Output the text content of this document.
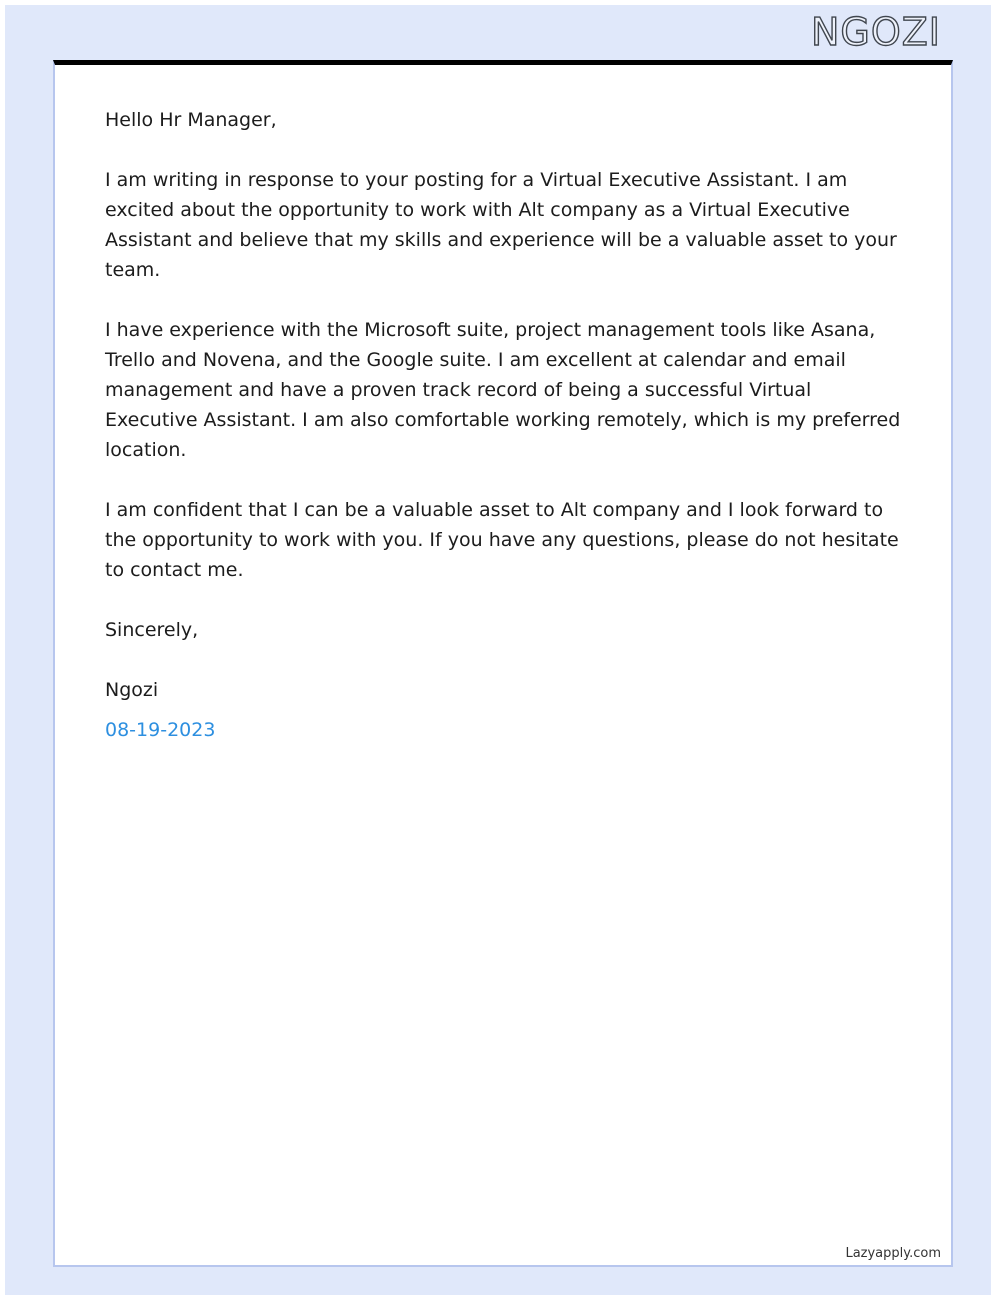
NGOZI

Hello Hr Manager,

I am writing in response to your posting for a Virtual Executive Assistant. I am excited about the opportunity to work with Alt company as a Virtual Executive Assistant and believe that my skills and experience will be a valuable asset to your team.

I have experience with the Microsoft suite, project management tools like Asana, Trello and Novena, and the Google suite. I am excellent at calendar and email management and have a proven track record of being a successful Virtual Executive Assistant. I am also comfortable working remotely, which is my preferred location.

I am confident that I can be a valuable asset to Alt company and I look forward to the opportunity to work with you. If you have any questions, please do not hesitate to contact me.

Sincerely,

Ngozi

08-19-2023

Lazyapply.com
